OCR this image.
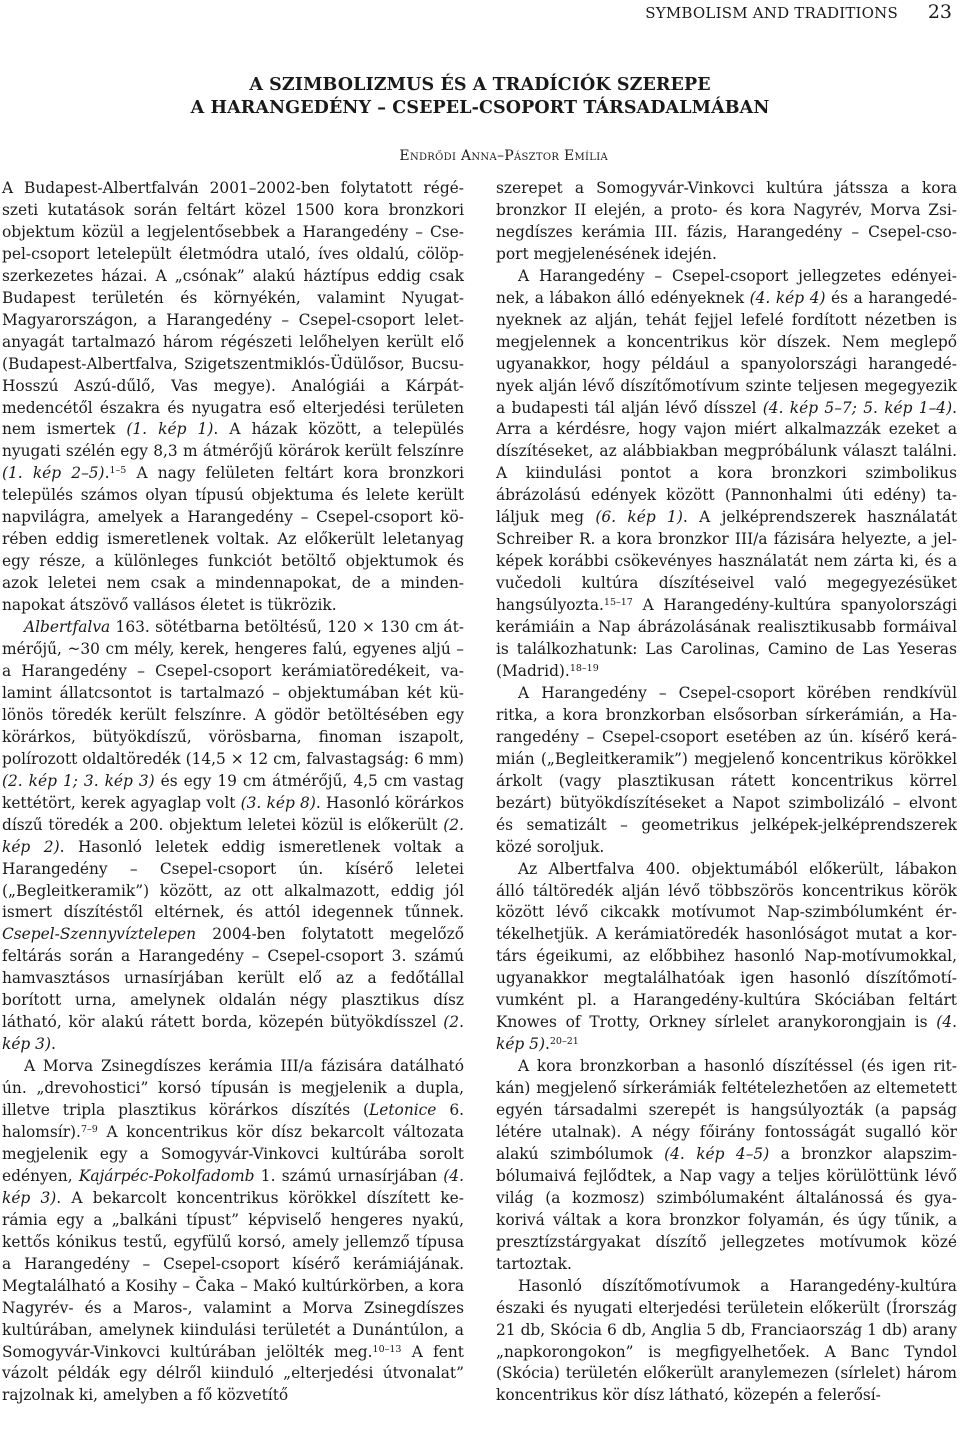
SYMBOLISM AND TRADITIONS 23
A SZIMBOLIZMUS ÉS A TRADÍCIÓK SZEREPE
A HARANGEDÉNY – CSEPEL-CSOPORT TÁRSADALMÁBAN
Endrődi Anna–Pásztor Emília

A Budapest-Albertfalván 2001–2002-ben folytatott régészeti kutatások során feltárt közel 1500 kora bronzkori objektum közül a legjelentősebbek a Harangedény – Csepel-csoport letelepült életmódra utaló, íves oldalú, cölöpszerkezetes házai. A „csónak” alakú háztípus eddig csak Budapest területén és környékén, valamint Nyugat-Magyarországon, a Harangedény – Csepel-csoport leletanyagát tartalmazó három régészeti lelőhelyen került elő (Budapest-Albertfalva, Szigetszentmiklós-Üdülősor, Bucsu-Hosszú Aszú-dűlő, Vas megye). Analógiái a Kárpát-medencétől északra és nyugatra eső elterjedési területen nem ismertek (1. kép 1). A házak között, a település nyugati szélén egy 8,3 m átmérőjű körárok került felszínre (1. kép 2–5).$^{1-5}$ A nagy felületen feltárt kora bronzkori település számos olyan típusú objektuma és lelete került napvilágra, amelyek a Harangedény – Csepel-csoport körében eddig ismeretlenek voltak. Az előkerült leletanyag egy része, a különleges funkciót betöltő objektumok és azok leletei nem csak a mindennapokat, de a mindennapokat átszövő vallásos életet is tükrözik.

Albertfalva 163. sötétbarna betöltésű, 120 × 130 cm átmérőjű, ~30 cm mély, kerek, hengeres falú, egyenes aljú – a Harangedény – Csepel-csoport kerámiatöredékeit, valamint állatcsontot is tartalmazó – objektumában két különös töredék került felszínre. A gödör betöltésében egy körárkos, bütyökdíszű, vörösbarna, finoman iszapolt, polírozott oldaltöredék (14,5 × 12 cm, falvastagság: 6 mm) (2. kép 1; 3. kép 3) és egy 19 cm átmérőjű, 4,5 cm vastag kettétört, kerek agyaglap volt (3. kép 8). Hasonló körárkos díszű töredék a 200. objektum leletei közül is előkerült (2. kép 2). Hasonló leletek eddig ismeretlenek voltak a Harangedény – Csepel-csoport ún. kísérő leletei („Begleitkeramik”) között, az ott alkalmazott, eddig jól ismert díszítéstől eltérnek, és attól idegennek tűnnek. Csepel-Szennyvíztelepen 2004-ben folytatott megelőző feltárás során a Harangedény – Csepel-csoport 3. számú hamvasztásos urnasírjában került elő az a fedőtállal borított urna, amelynek oldalán négy plasztikus dísz látható, kör alakú rátett borda, közepén bütyökdísszel (2. kép 3).

A Morva Zsinegdíszes kerámia III/a fázisára datálható ún. „drevohostici” korsó típusán is megjelenik a dupla, illetve tripla plasztikus körárkos díszítés (Letonice 6. halomsír).$^{7-9}$ A koncentrikus kör dísz bekarcolt változata megjelenik egy a Somogyvár-Vinkovci kultúrába sorolt edényen, Kajárpéc-Pokolfadomb 1. számú urnasírjában (4. kép 3). A bekarcolt koncentrikus körökkel díszített kerámia egy a „balkáni típust” képviselő hengeres nyakú, kettős kónikus testű, egyfülű korsó, amely jellemző típusa a Harangedény – Csepel-csoport kísérő kerámiájának. Megtalálható a Kosihy – Čaka – Makó kultúrkörben, a kora Nagyrév- és a Maros-, valamint a Morva Zsinegdíszes kultúrában, amelynek kiindulási területét a Dunántúlon, a Somogyvár-Vinkovci kultúrában jelölték meg.$^{10-13}$ A fent vázolt példák egy délről kiinduló „elterjedési útvonalat” rajzolnak ki, amelyben a fő közvetítő

szerepet a Somogyvár-Vinkovci kultúra játssza a kora bronzkor II elején, a proto- és kora Nagyrév, Morva Zsinegdíszes kerámia III. fázis, Harangedény – Csepel-csoport megjelenésének idején.

A Harangedény – Csepel-csoport jellegzetes edényeinek, a lábakon álló edényeknek (4. kép 4) és a harangedényeknek az alján, tehát fejjel lefelé fordított nézetben is megjelennek a koncentrikus kör díszek. Nem meglepő ugyanakkor, hogy például a spanyolországi harangedények alján lévő díszítőmotívum szinte teljesen megegyezik a budapesti tál alján lévő dísszel (4. kép 5–7; 5. kép 1–4). Arra a kérdésre, hogy vajon miért alkalmazzák ezeket a díszítéseket, az alábbiakban megpróbálunk választ találni. A kiindulási pontot a kora bronzkori szimbolikus ábrázolású edények között (Pannonhalmi úti edény) találjuk meg (6. kép 1). A jelképrendszerek használatát Schreiber R. a kora bronzkor III/a fázisára helyezte, a jelképek korábbi csökevényes használatát nem zárta ki, és a vučedoli kultúra díszítéseivel való megegyezésüket hangsúlyozta.$^{15-17}$ A Harangedény-kultúra spanyolországi kerámiáin a Nap ábrázolásának realisztikusabb formáival is találkozhatunk: Las Carolinas, Camino de Las Yeseras (Madrid).$^{18-19}$

A Harangedény – Csepel-csoport körében rendkívül ritka, a kora bronzkorban elsősorban sírkerámián, a Harangedény – Csepel-csoport esetében az ún. kísérő kerámián („Begleitkeramik”) megjelenő koncentrikus körökkel árkolt (vagy plasztikusan rátett koncentrikus körrel bezárt) bütyökdíszítéseket a Napot szimbolizáló – elvont és sematizált – geometrikus jelképek-jelképrendszerek közé soroljuk.

Az Albertfalva 400. objektumából előkerült, lábakon álló táltöredék alján lévő többszörös koncentrikus körök között lévő cikcakk motívumot Nap-szimbólumként értékelhetjük. A kerámiatöredék hasonlóságot mutat a kortárs égeikumi, az előbbihez hasonló Nap-motívumokkal, ugyanakkor megtalálhatóak igen hasonló díszítőmotívumként pl. a Harangedény-kultúra Skóciában feltárt Knowes of Trotty, Orkney sírlelet aranykorongjain is (4. kép 5).$^{20-21}$

A kora bronzkorban a hasonló díszítéssel (és igen ritkán) megjelenő sírkerámiák feltételezhetően az eltemetett egyén társadalmi szerepét is hangsúlyozták (a papság létére utalnak). A négy főirány fontosságát sugalló kör alakú szimbólumok (4. kép 4–5) a bronzkor alapszimbólumaivá fejlődtek, a Nap vagy a teljes körülöttünk lévő világ (a kozmosz) szimbólumaként általánossá és gyakorivá váltak a kora bronzkor folyamán, és úgy tűnik, a presztízstárgyakat díszítő jellegzetes motívumok közé tartoztak.

Hasonló díszítőmotívumok a Harangedény-kultúra északi és nyugati elterjedési területein előkerült (Írország 21 db, Skócia 6 db, Anglia 5 db, Franciaország 1 db) arany „napkorongokon” is megfigyelhetőek. A Banc Tyndol (Skócia) területén előkerült aranylemezen (sírlelet) három koncentrikus kör dísz látható, közepén a felerősí-
